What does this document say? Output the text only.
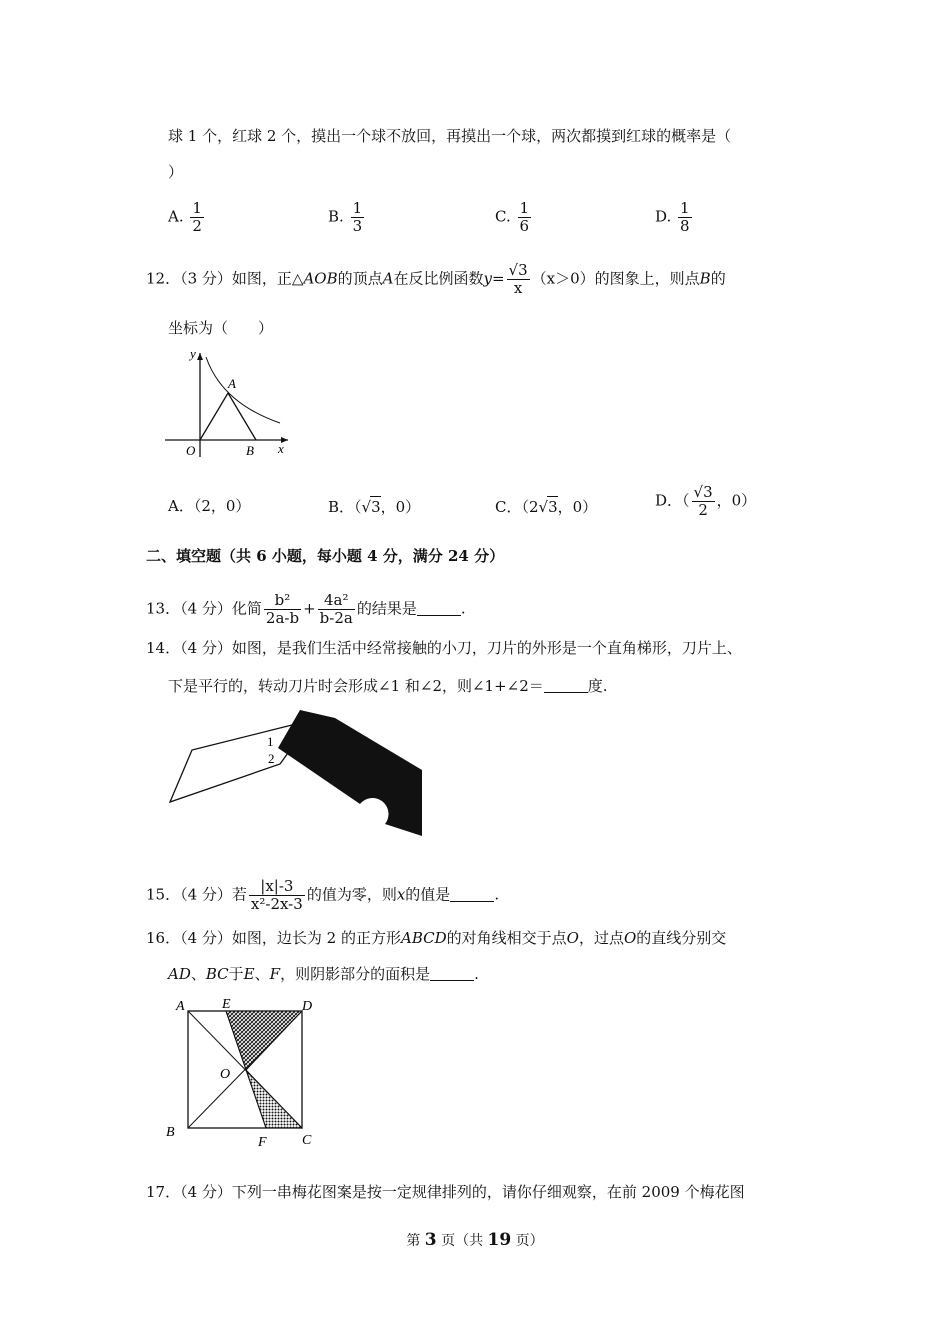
球 1 个，红球 2 个，摸出一个球不放回，再摸出一个球，两次都摸到红球的概率是（
）
A. $\frac{1}{2}$	B. $\frac{1}{3}$	C. $\frac{1}{6}$	D. $\frac{1}{8}$
12．（3 分）如图，正△AOB的顶点A在反比例函数$y= \frac{√3}{x} (x>0)$的图象上，则点B的
坐标为（　　）
y
A
O	B x
A．（2，0）	B．（√3，0）	C．（2√3，0）	D．（ $\frac{√3}{2}$ ，0）
二、填空题（共 6 小题，每小题 4 分，满分 24 分）
13．（4 分）化简 $\frac{\text{b²}}{2a-b} + \frac{\text{4a²}}{b-2a}$ 的结果是	.
14．（4 分）如图，是我们生活中经常接触的小刀，刀片的外形是一个直角梯形，刀片上、
下是平行的，转动刀片时会形成∠1 和∠2，则∠1+∠2＝	度.
1
2
15．（4 分）若 $\frac{|x|-3}{\text{x²-2x-3}}$ 的值为零，则x的值是	.
16．（4 分）如图，边长为 2 的正方形ABCD的对角线相交于点O，过点O的直线分别交
AD、BC于E、F，则阴影部分的面积是	.
A	E	D
O
B
F	C
17．（4 分）下列一串梅花图案是按一定规律排列的，请你仔细观察，在前 2009 个梅花图
第 3 页（共 19 页）
